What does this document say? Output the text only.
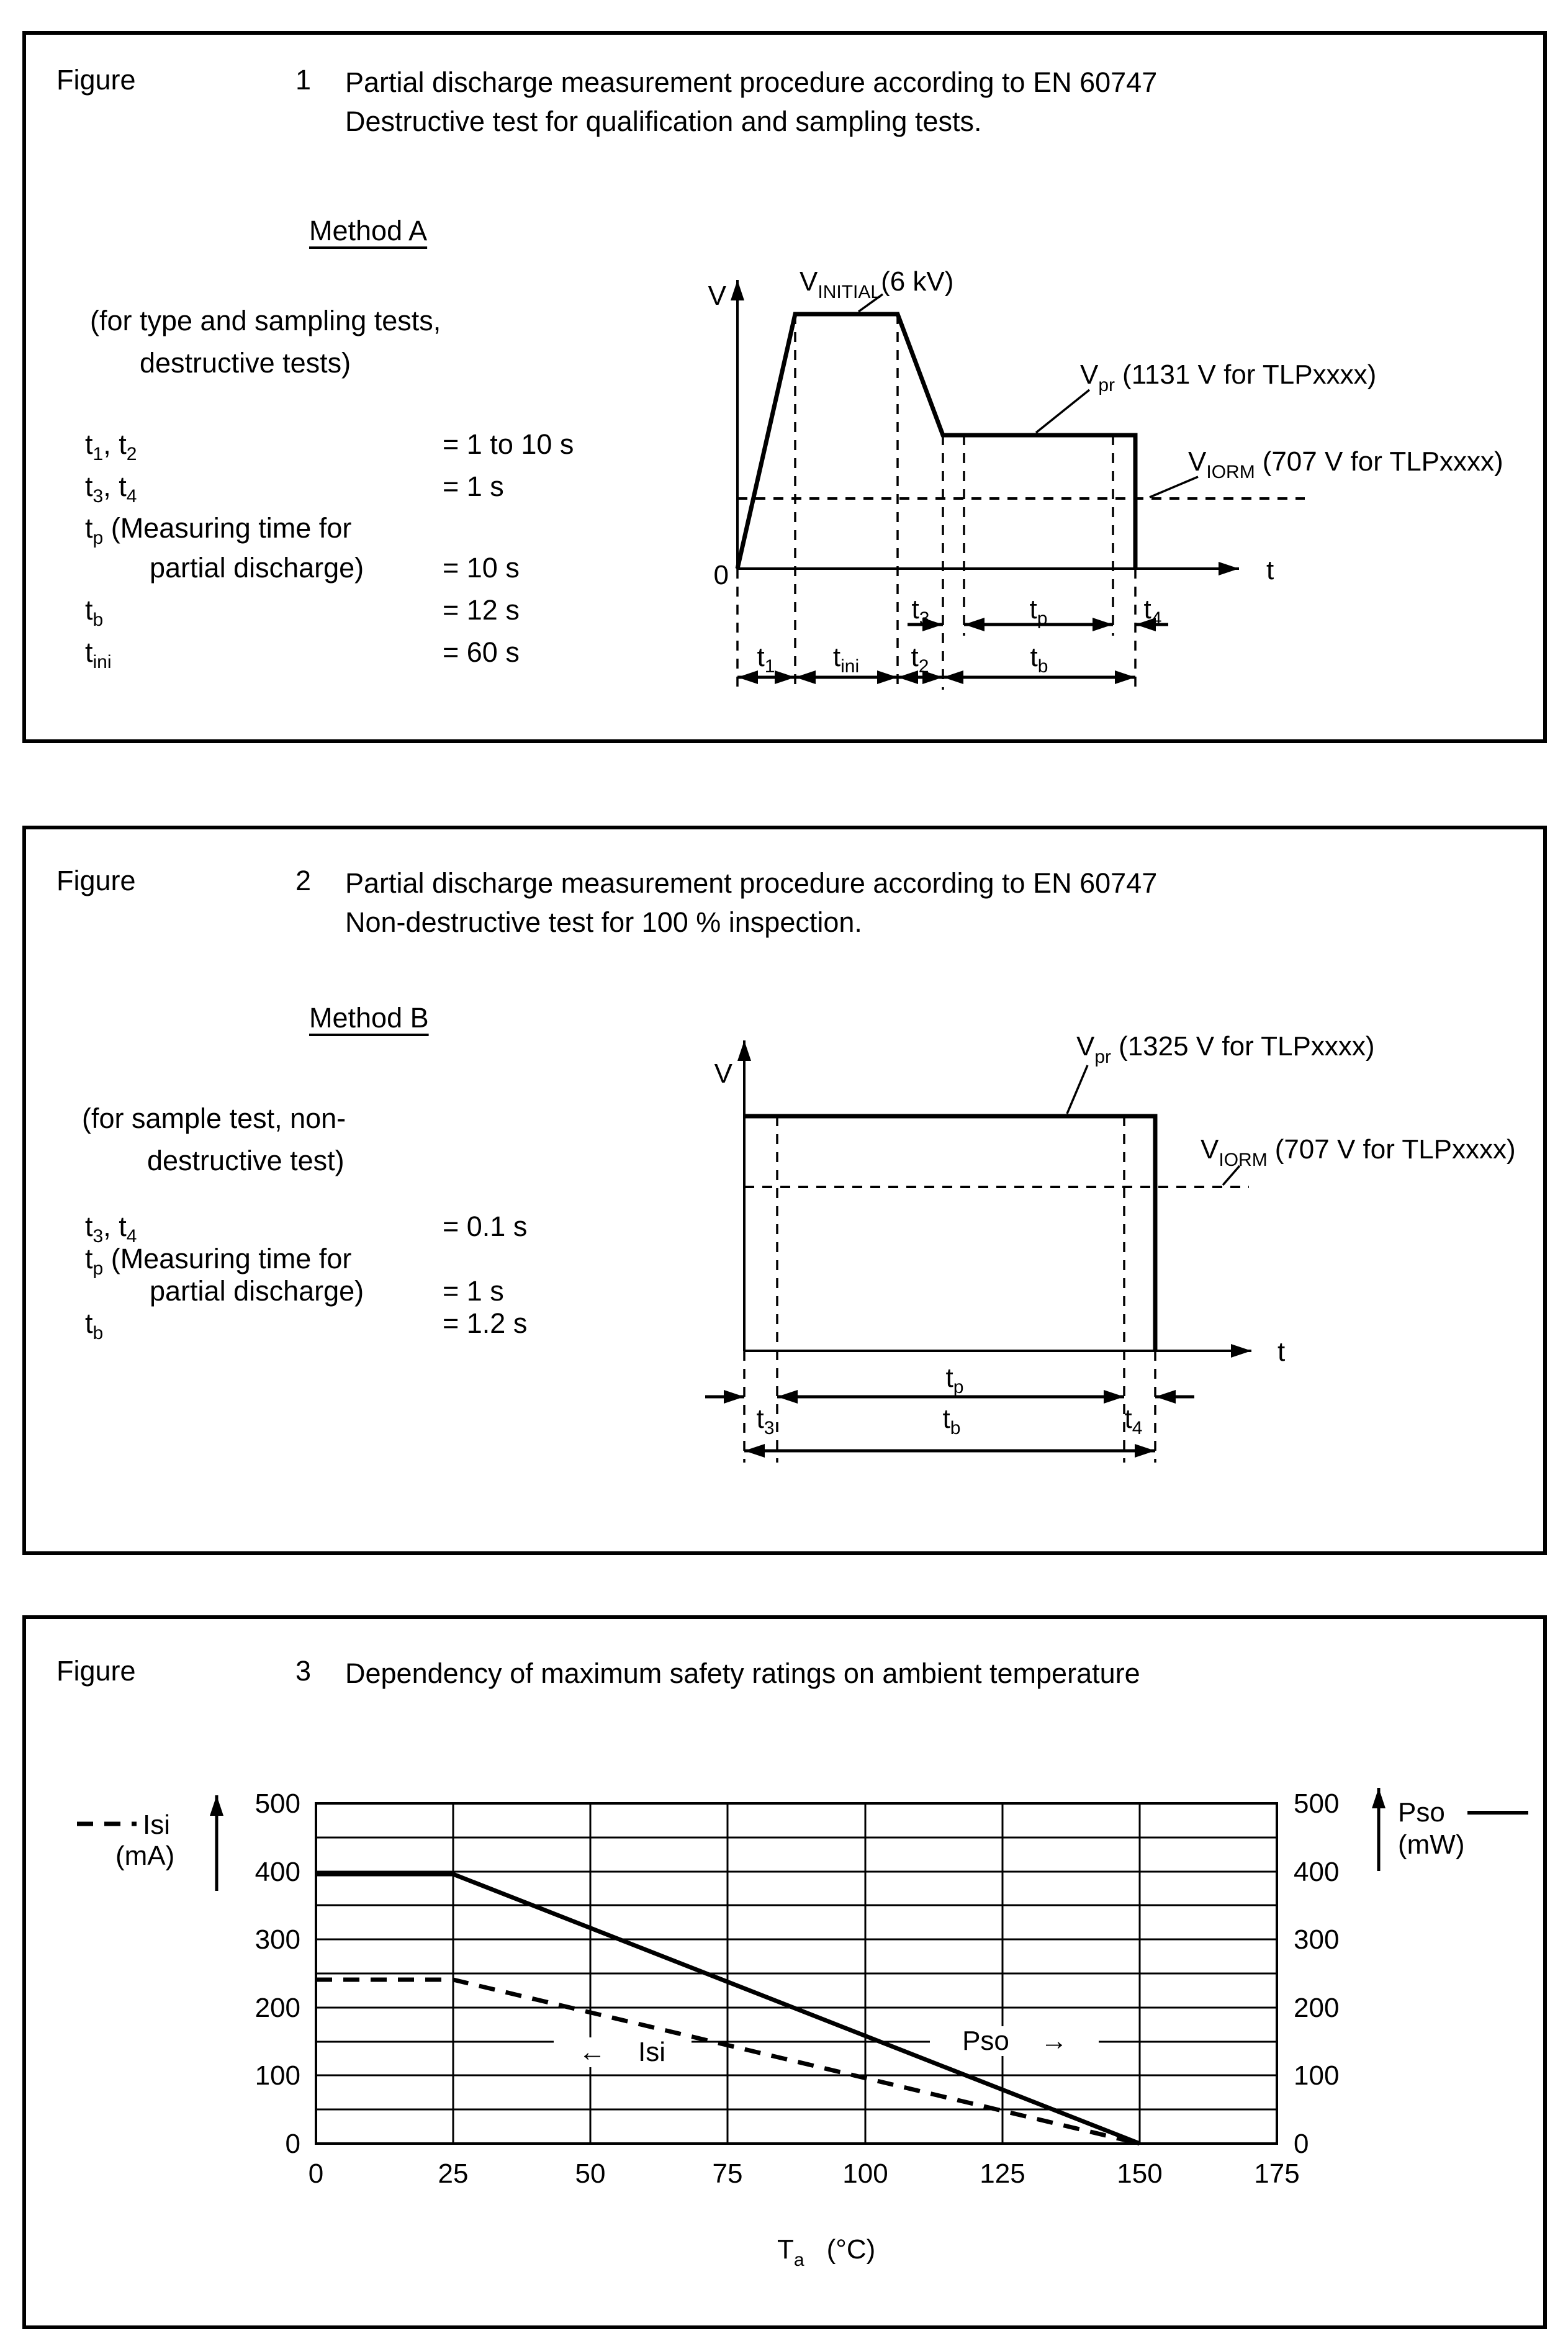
Figure	1 Partial discharge measurement procedure according to EN 60747
Destructive test for qualification and sampling tests.
Method A
(for type and sampling tests,
destructive tests)
$t_1$, $t_2$	= 1 to 10 s
$t_3$, $t_4$	= 1 s
$t_p$ (Measuring time for
partial discharge)	= 10 s
$t_b$	= 12 s
$t_{ini}$	= 60 s
V
t
0
$V_{INITIAL}(6$ kV)
$V_{pr}$ (1131 V for TLPxxxx)
$V_{IORM}$ (707 V for TLPxxxx)
$t_3$	$t_p$	$t_4$
$t_1$ $t_{ini}$ $t_2$	$t_b$
Figure	2 Partial discharge measurement procedure according to EN 60747
Non-destructive test for 100 % inspection.
Method B
(for sample test, non-
destructive test)
$t_3$, $t_4$	= 0.1 s
$t_p$ (Measuring time for
partial discharge)	= 1 s
$t_b$	= 1.2 s
V
t
$V_{pr}$ (1325 V for TLPxxxx)
$V_{IORM}$ (707 V for TLPxxxx)
$t_p$
$t_3$	$t_b$	$t_4$
Figure	3 Dependency of maximum safety ratings on ambient temperature
500
400
300
200
100
0
500
400
300
200
100
0
0	25	50	75	100	125	150	175
$T_a$ (°C)
Isi
(mA)
Pso
(mW)
← Isi	Pso →
